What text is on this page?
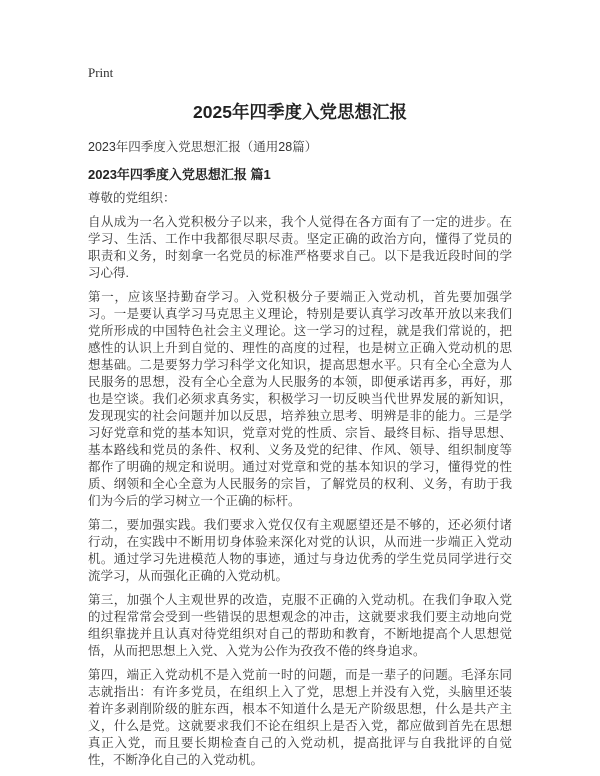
Print
2025年四季度入党思想汇报

2023年四季度入党思想汇报（通用28篇）

2023年四季度入党思想汇报 篇1

尊敬的党组织：

自从成为一名入党积极分子以来，我个人觉得在各方面有了一定的进步。在学习、生活、工作中我都很尽职尽责。坚定正确的政治方向，懂得了党员的职责和义务，时刻拿一名党员的标准严格要求自己。以下是我近段时间的学习心得.

第一，应该坚持勤奋学习。入党积极分子要端正入党动机，首先要加强学习。一是要认真学习马克思主义理论，特别是要认真学习改革开放以来我们党所形成的中国特色社会主义理论。这一学习的过程，就是我们常说的，把感性的认识上升到自觉的、理性的高度的过程，也是树立正确入党动机的思想基础。二是要努力学习科学文化知识，提高思想水平。只有全心全意为人民服务的思想，没有全心全意为人民服务的本领，即便承诺再多，再好，那也是空谈。我们必须求真务实，积极学习一切反映当代世界发展的新知识，发现现实的社会问题并加以反思，培养独立思考、明辨是非的能力。三是学习好党章和党的基本知识，党章对党的性质、宗旨、最终目标、指导思想、基本路线和党员的条件、权利、义务及党的纪律、作风、领导、组织制度等都作了明确的规定和说明。通过对党章和党的基本知识的学习，懂得党的性质、纲领和全心全意为人民服务的宗旨，了解党员的权利、义务，有助于我们为今后的学习树立一个正确的标杆。

第二，要加强实践。我们要求入党仅仅有主观愿望还是不够的，还必须付诸行动，在实践中不断用切身体验来深化对党的认识，从而进一步端正入党动机。通过学习先进模范人物的事迹，通过与身边优秀的学生党员同学进行交流学习，从而强化正确的入党动机。

第三，加强个人主观世界的改造，克服不正确的入党动机。在我们争取入党的过程常常会受到一些错误的思想观念的冲击，这就要求我们要主动地向党组织靠拢并且认真对待党组织对自己的帮助和教育，不断地提高个人思想觉悟，从而把思想上入党、入党为公作为孜孜不倦的终身追求。

第四，端正入党动机不是入党前一时的问题，而是一辈子的问题。毛泽东同志就指出：有许多党员，在组织上入了党，思想上并没有入党，头脑里还装着许多剥削阶级的脏东西，根本不知道什么是无产阶级思想，什么是共产主义，什么是党。这就要求我们不论在组织上是否入党，都应做到首先在思想真正入党，而且要长期检查自己的入党动机，提高批评与自我批评的自觉性，不断净化自己的入党动机。
